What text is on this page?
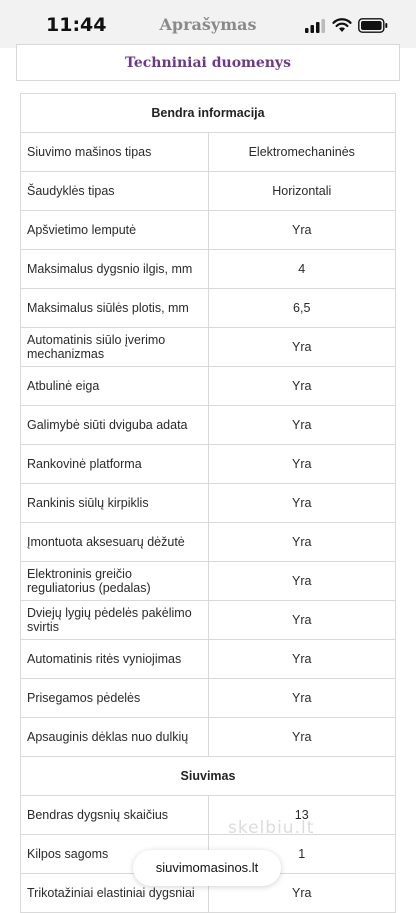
11:44	Aprašymas
Techniniai duomenys
Bendra informacija	
Siuvimo mašinos tipas	Elektromechaninės
Šaudyklės tipas	Horizontali
Apšvietimo lemputė	Yra
Maksimalus dygsnio ilgis, mm	4
Maksimalus siūlės plotis, mm	6,5
Automatinis siūlo įverimo mechanizmas	Yra
Atbulinė eiga	Yra
Galimybė siūti dviguba adata	Yra
Rankovinė platforma	Yra
Rankinis siūlų kirpiklis	Yra
Įmontuota aksesuarų dėžutė	Yra
Elektroninis greičio reguliatorius (pedalas)	Yra
Dviejų lygių pėdelės pakėlimo svirtis	Yra
Automatinis ritės vyniojimas	Yra
Prisegamos pėdelės	Yra
Apsauginis dėklas nuo dulkių	Yra
Siuvimas	
Bendras dygsnių skaičius	13
Kilpos sagoms	1
Trikotažiniai elastiniai dygsniai	Yra
skelbiu.lt
siuvimomasinos.lt
